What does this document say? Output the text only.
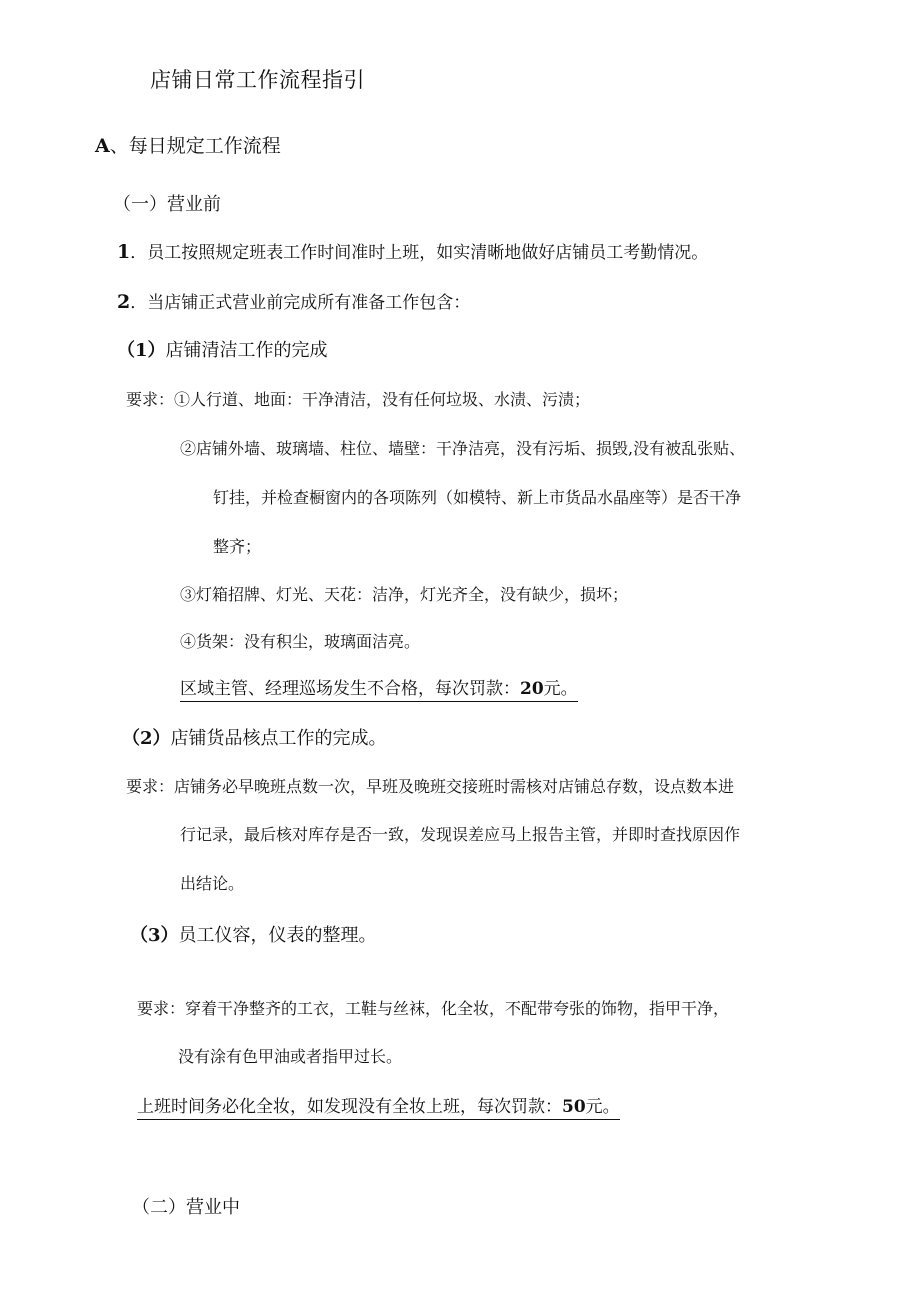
店铺日常工作流程指引
A、每日规定工作流程
（一）营业前
1．员工按照规定班表工作时间准时上班，如实清晰地做好店铺员工考勤情况。
2．当店铺正式营业前完成所有准备工作包含：
（1）店铺清洁工作的完成
要求：①人行道、地面：干净清洁，没有任何垃圾、水渍、污渍；
②店铺外墙、玻璃墙、柱位、墙壁：干净洁亮，没有污垢、损毁,没有被乱张贴、
钉挂，并检查橱窗内的各项陈列（如模特、新上市货品水晶座等）是否干净
整齐；
③灯箱招牌、灯光、天花：洁净，灯光齐全，没有缺少，损坏；
④货架：没有积尘，玻璃面洁亮。
区域主管、经理巡场发生不合格，每次罚款：20元。
（2）店铺货品核点工作的完成。
要求：店铺务必早晚班点数一次，早班及晚班交接班时需核对店铺总存数，设点数本进
行记录，最后核对库存是否一致，发现误差应马上报告主管，并即时查找原因作
出结论。
（3）员工仪容，仪表的整理。
要求：穿着干净整齐的工衣，工鞋与丝袜，化全妆，不配带夸张的饰物，指甲干净，
没有涂有色甲油或者指甲过长。
上班时间务必化全妆，如发现没有全妆上班，每次罚款：50元。
（二）营业中
